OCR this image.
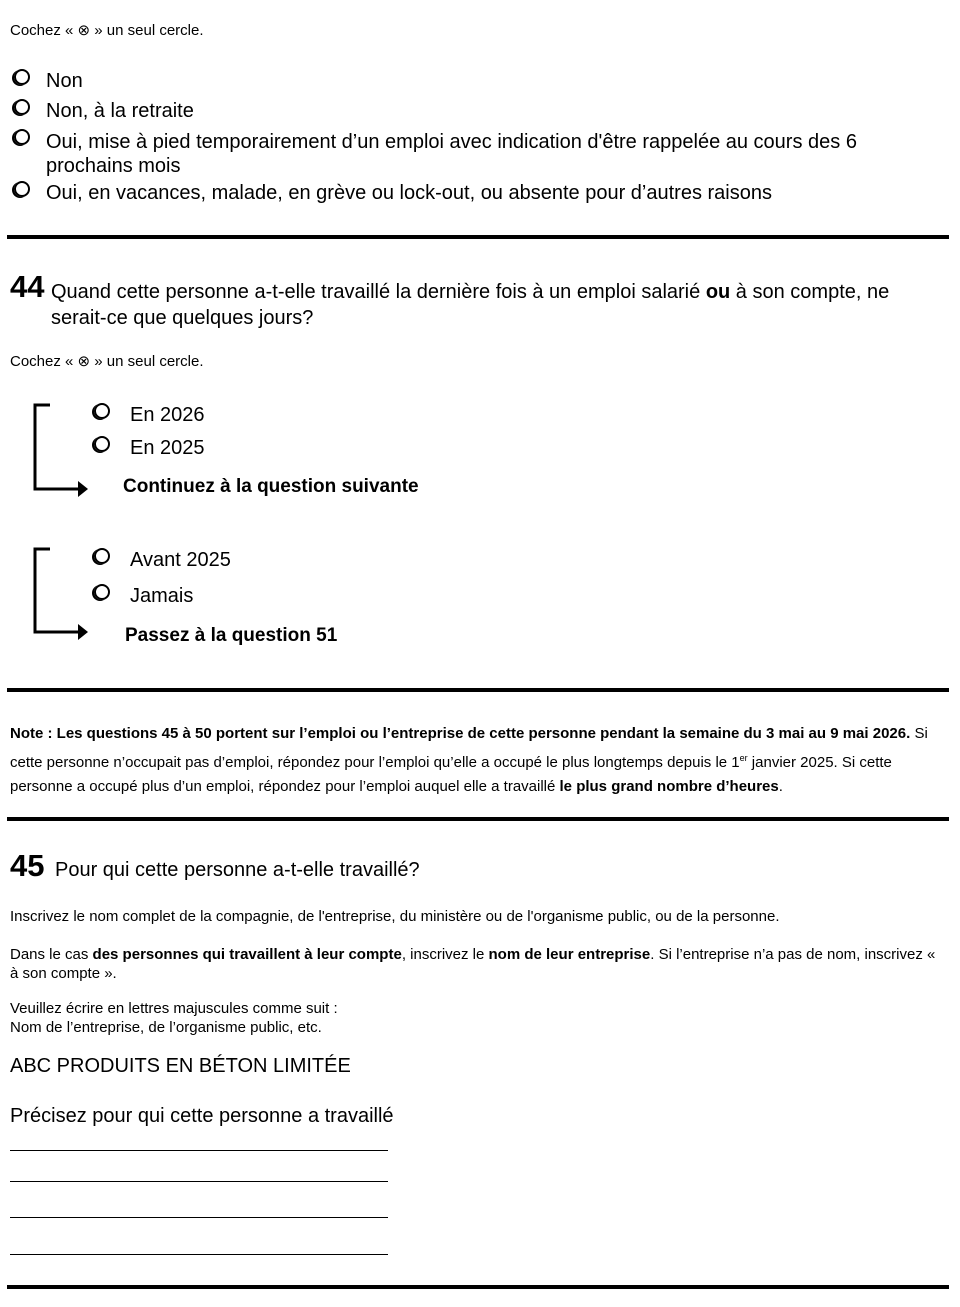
Cochez « ⊗ » un seul cercle.
Non
Non, à la retraite
Oui, mise à pied temporairement d’un emploi avec indication d'être rappelée au cours des 6 prochains mois
Oui, en vacances, malade, en grève ou lock-out, ou absente pour d’autres raisons
44 Quand cette personne a-t-elle travaillé la dernière fois à un emploi salarié ou à son compte, ne serait-ce que quelques jours?
Cochez « ⊗ » un seul cercle.
En 2026
En 2025
Continuez à la question suivante
Avant 2025
Jamais
Passez à la question 51
Note : Les questions 45 à 50 portent sur l’emploi ou l’entreprise de cette personne pendant la semaine du 3 mai au 9 mai 2026. Si cette personne n’occupait pas d’emploi, répondez pour l’emploi qu’elle a occupé le plus longtemps depuis le 1er janvier 2025. Si cette personne a occupé plus d’un emploi, répondez pour l’emploi auquel elle a travaillé le plus grand nombre d’heures.
45 Pour qui cette personne a-t-elle travaillé?
Inscrivez le nom complet de la compagnie, de l'entreprise, du ministère ou de l'organisme public, ou de la personne.
Dans le cas des personnes qui travaillent à leur compte, inscrivez le nom de leur entreprise. Si l’entreprise n’a pas de nom, inscrivez « à son compte ».
Veuillez écrire en lettres majuscules comme suit :
Nom de l’entreprise, de l’organisme public, etc.
ABC PRODUITS EN BÉTON LIMITÉE
Précisez pour qui cette personne a travaillé
